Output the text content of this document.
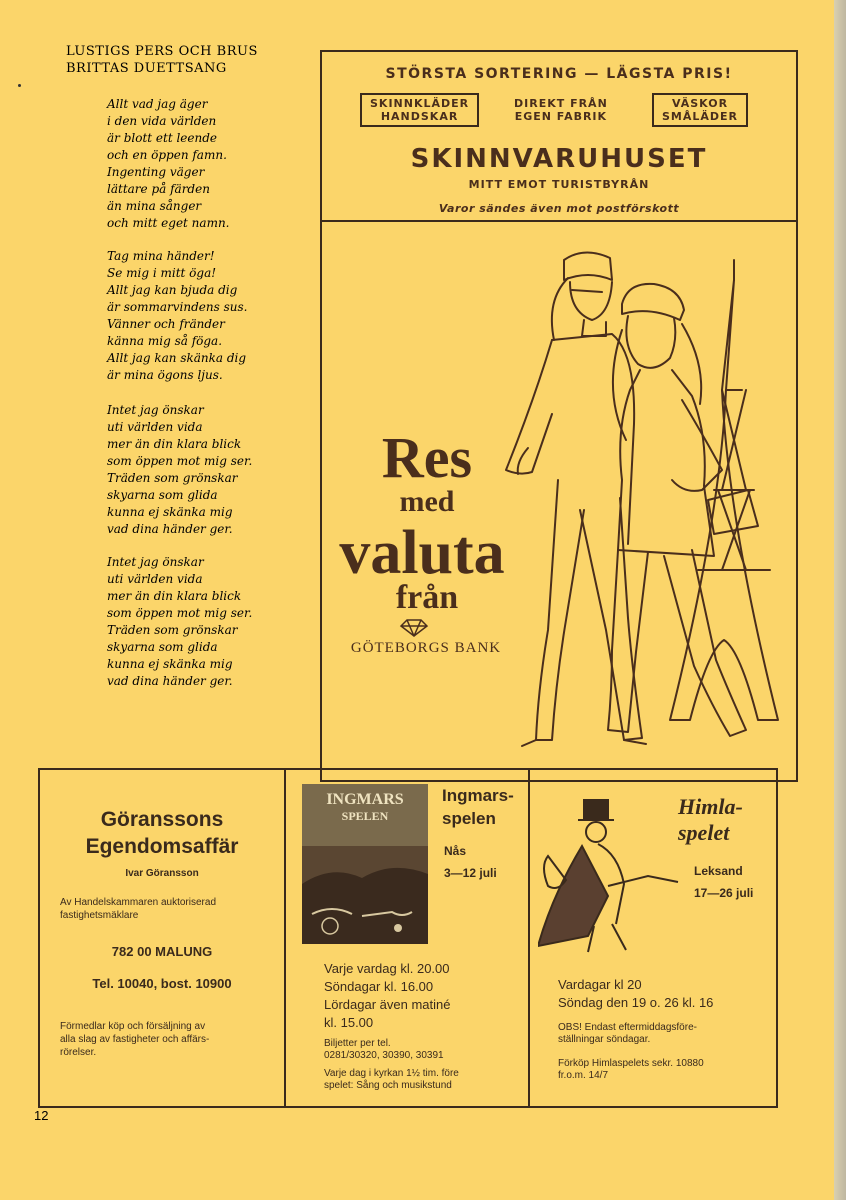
LUSTIGS PERS OCH BRUS
BRITTAS DUETTSANG
Allt vad jag äger
i den vida världen
är blott ett leende
och en öppen famn.
Ingenting väger
lättare på färden
än mina sånger
och mitt eget namn.
Tag mina händer!
Se mig i mitt öga!
Allt jag kan bjuda dig
är sommarvindens sus.
Vänner och fränder
känna mig så föga.
Allt jag kan skänka dig
är mina ögons ljus.
Intet jag önskar
uti världen vida
mer än din klara blick
som öppen mot mig ser.
Träden som grönskar
skyarna som glida
kunna ej skänka mig
vad dina händer ger.
Intet jag önskar
uti världen vida
mer än din klara blick
som öppen mot mig ser.
Träden som grönskar
skyarna som glida
kunna ej skänka mig
vad dina händer ger.
STÖRSTA SORTERING — LÄGSTA PRIS!
SKINNKLÄDER
HANDSKAR
DIREKT FRÅN
EGEN FABRIK
VÄSKOR
SMÅLÄDER
SKINNVARUHUSET
MITT EMOT TURISTBYRÅN
Varor sändes även mot postförskott
Res
med
valuta
från
GÖTEBORGS BANK
Göranssons
Egendomsaffär
Ivar Göransson
Av Handelskammaren auktoriserad
fastighetsmäklare
782 00 MALUNG
Tel. 10040, bost. 10900
Förmedlar köp och försäljning av
alla slag av fastigheter och affärs-
rörelser.
INGMARS
SPELEN
Ingmars-
spelen
Nås
3—12 juli
Varje vardag kl. 20.00
Söndagar kl. 16.00
Lördagar även matiné
kl. 15.00
Biljetter per tel.
0281/30320, 30390, 30391
Varje dag i kyrkan 1½ tim. före
spelet: Sång och musikstund
Himla-
spelet
Leksand
17—26 juli
Vardagar kl 20
Söndag den 19 o. 26 kl. 16
OBS! Endast eftermiddagsföre-
ställningar söndagar.
Förköp Himlaspelets sekr. 10880
fr.o.m. 14/7
12
